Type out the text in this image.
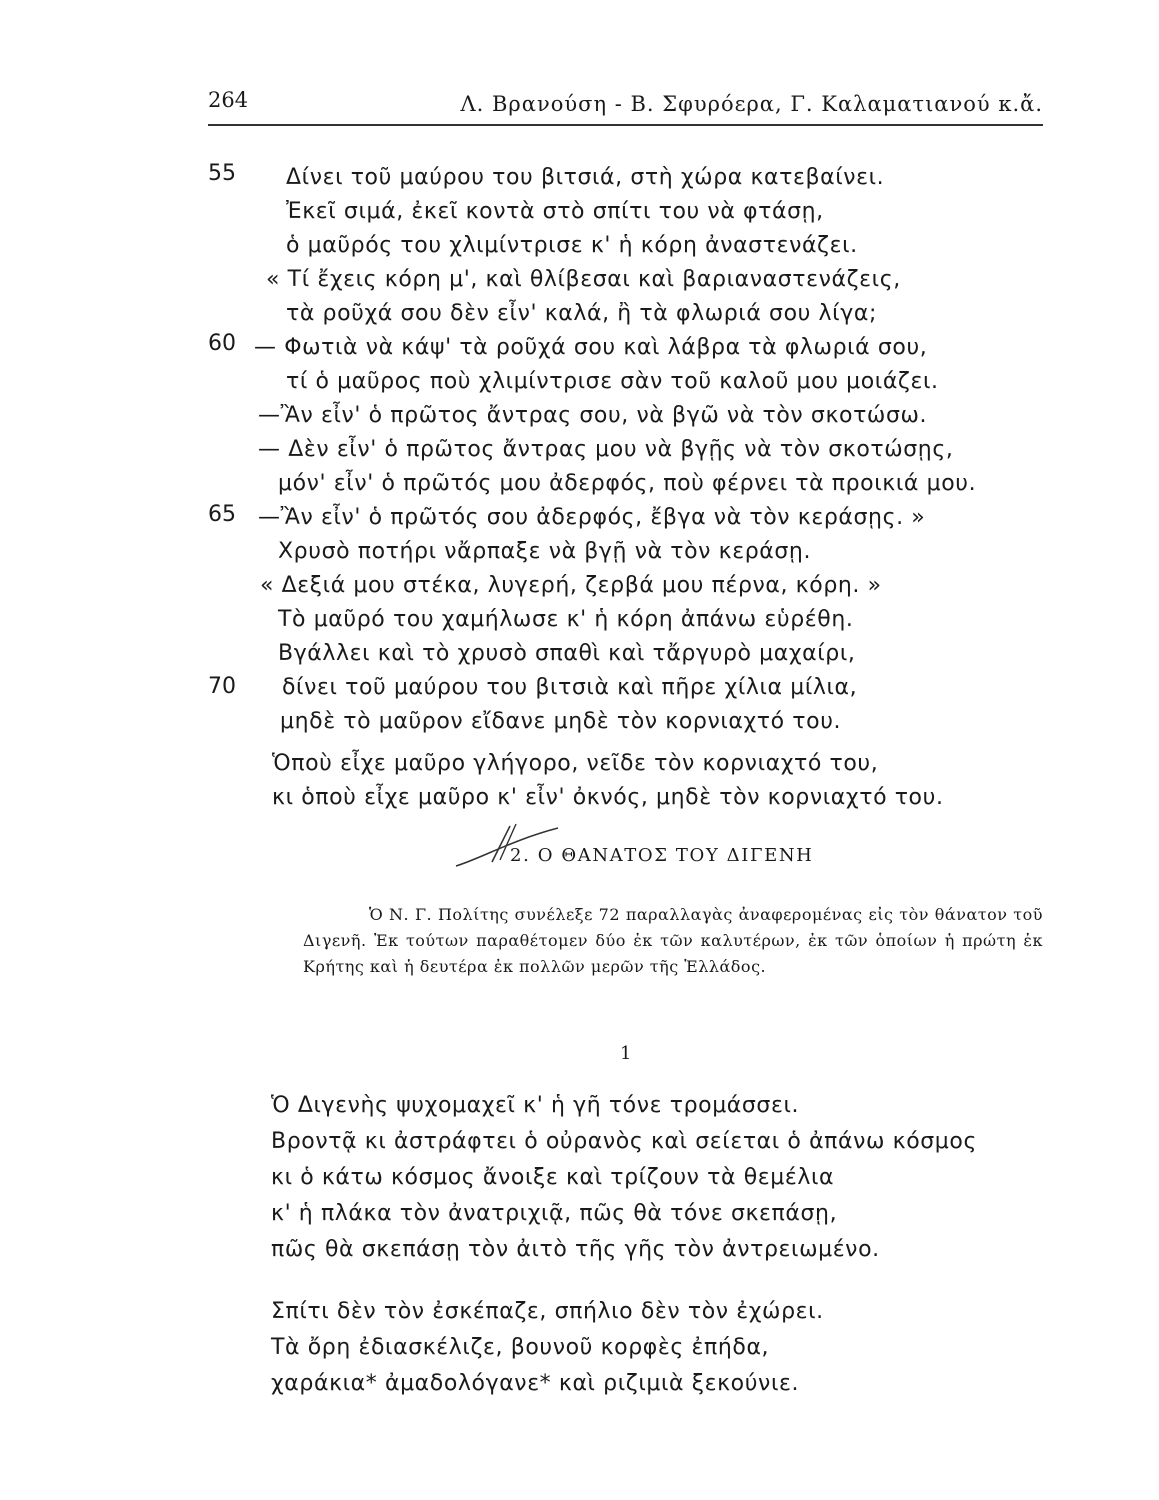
264	Λ. Βρανούση - Β. Σφυρόερα, Γ. Καλαματιανού κ.ἄ.
55
60
65
70
Δίνει τοῦ μαύρου του βιτσιά, στὴ χώρα κατεβαίνει.
Ἐκεῖ σιμά, ἐκεῖ κοντὰ στὸ σπίτι του νὰ φτάσῃ,
ὁ μαῦρός του χλιμίντρισε κ' ἡ κόρη ἀναστενάζει.
« Τί ἔχεις κόρη μ', καὶ θλίβεσαι καὶ βαριαναστενάζεις,
τὰ ροῦχά σου δὲν εἶν' καλά, ἢ τὰ φλωριά σου λίγα;
— Φωτιὰ νὰ κάψ' τὰ ροῦχά σου καὶ λάβρα τὰ φλωριά σου,
τί ὁ μαῦρος ποὺ χλιμίντρισε σὰν τοῦ καλοῦ μου μοιάζει.
—Ἂν εἶν' ὁ πρῶτος ἄντρας σου, νὰ βγῶ νὰ τὸν σκοτώσω.
— Δὲν εἶν' ὁ πρῶτος ἄντρας μου νὰ βγῇς νὰ τὸν σκοτώσῃς,
μόν' εἶν' ὁ πρῶτός μου ἀδερφός, ποὺ φέρνει τὰ προικιά μου.
—Ἂν εἶν' ὁ πρῶτός σου ἀδερφός, ἔβγα νὰ τὸν κεράσῃς. »
Χρυσὸ ποτήρι νἄρπαξε νὰ βγῇ νὰ τὸν κεράσῃ.
« Δεξιά μου στέκα, λυγερή, ζερβά μου πέρνα, κόρη. »
Τὸ μαῦρό του χαμήλωσε κ' ἡ κόρη ἀπάνω εὑρέθη.
Βγάλλει καὶ τὸ χρυσὸ σπαθὶ καὶ τἄργυρὸ μαχαίρι,
δίνει τοῦ μαύρου του βιτσιὰ καὶ πῆρε χίλια μίλια,
μηδὲ τὸ μαῦρον εἴδανε μηδὲ τὸν κορνιαχτό του.
Ὁποὺ εἶχε μαῦρο γλήγορο, νεῖδε τὸν κορνιαχτό του,
κι ὁποὺ εἶχε μαῦρο κ' εἶν' ὀκνός, μηδὲ τὸν κορνιαχτό του.
2. Ο ΘΑΝΑΤΟΣ ΤΟΥ ΔΙΓΕΝΗ

Ὁ Ν. Γ. Πολίτης συνέλεξε 72 παραλλαγὰς ἀναφερομένας εἰς τὸν θάνατον τοῦ Διγενῆ. Ἐκ τούτων παραθέτομεν δύο ἐκ τῶν καλυτέρων, ἐκ τῶν ὁποίων ἡ πρώτη ἐκ Κρήτης καὶ ἡ δευτέρα ἐκ πολλῶν μερῶν τῆς Ἑλλάδος.

1
Ὁ Διγενὴς ψυχομαχεῖ κ' ἡ γῆ τόνε τρομάσσει.
Βροντᾷ κι ἀστράφτει ὁ οὐρανὸς καὶ σείεται ὁ ἀπάνω κόσμος
κι ὁ κάτω κόσμος ἄνοιξε καὶ τρίζουν τὰ θεμέλια
κ' ἡ πλάκα τὸν ἀνατριχιᾷ, πῶς θὰ τόνε σκεπάσῃ,
πῶς θὰ σκεπάσῃ τὸν ἀιτὸ τῆς γῆς τὸν ἀντρειωμένο.
Σπίτι δὲν τὸν ἐσκέπαζε, σπήλιο δὲν τὸν ἐχώρει.
Τὰ ὄρη ἐδιασκέλιζε, βουνοῦ κορφὲς ἐπήδα,
χαράκια* ἀμαδολόγανε* καὶ ριζιμιὰ ξεκούνιε.
